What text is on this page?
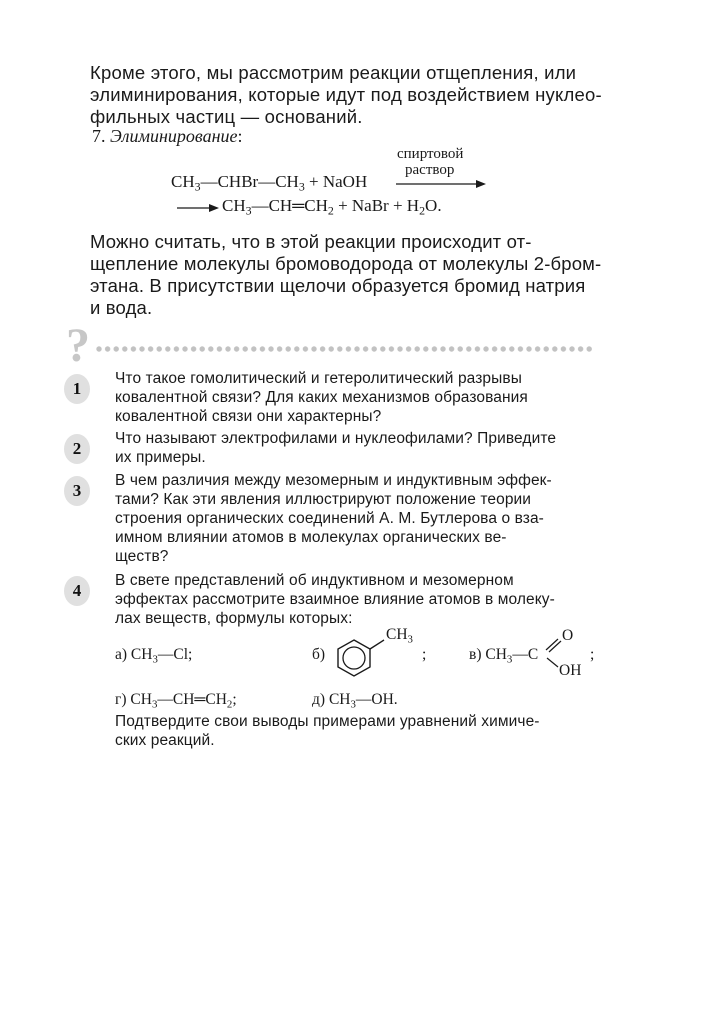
Кроме этого, мы рассмотрим реакции отщепления, или
элиминирования, которые идут под воздействием нуклео-
фильных частиц — оснований.
7. Элиминирование:
спиртовой
раствор
$CH_3—CHBr—CH_3$ + NaOH
$CH_3—CH═CH_2$ + NaBr + $H_2O$.
Можно считать, что в этой реакции происходит от-
щепление молекулы бромоводорода от молекулы 2-бром-
этана. В присутствии щелочи образуется бромид натрия
и вода.
?
1
Что такое гомолитический и гетеролитический разрывы
ковалентной связи? Для каких механизмов образования
ковалентной связи они характерны?
2
Что называют электрофилами и нуклеофилами? Приведите
их примеры.
3
В чем различия между мезомерным и индуктивным эффек-
тами? Как эти явления иллюстрируют положение теории
строения органических соединений А. М. Бутлерова о вза-
имном влиянии атомов в молекулах органических ве-
ществ?
4
В свете представлений об индуктивном и мезомерном
эффектах рассмотрите взаимное влияние атомов в молеку-
лах веществ, формулы которых:
а) $CH_3—Cl$;	б)
$CH_3$
;	в) $CH_3—C$
O
OH
;
г) $CH_3—CH═CH_2$;	д) $CH_3—OH$.
Подтвердите свои выводы примерами уравнений химиче-
ских реакций.
